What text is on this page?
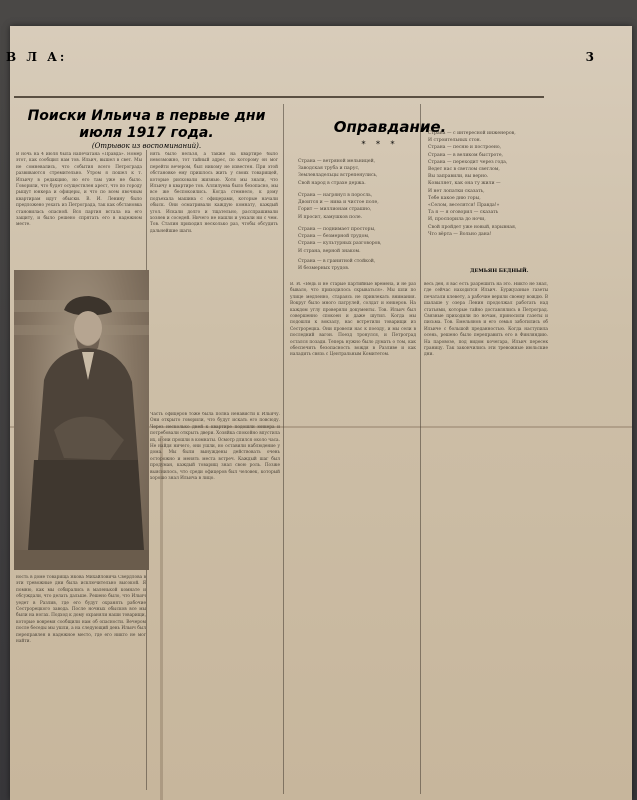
В Л А:	3
Поиски Ильича в первые дни июля 1917 года.
(Отрывок из воспоминаний).
В ночь на 4 июля была напечатана «Правда». Номер этот, как сообщил нам тов. Ильич, вышел в свет. Мы не сомневались, что события всего Петрограда развиваются стремительно. Утром я пошел к т. Ильичу в редакцию, но его там уже не было. Говорили, что будет осуществлен арест, что по городу рыщут юнкера и офицеры, и что по всем явочным квартирам идут обыски. В. И. Ленину было предложено уехать из Петрограда, так как обстановка становилась опасной. Вся партия встала на его защиту, и было решено спрятать его в надежном месте.
нять было нельзя, а также на квартире было невозможно, тот тайный адрес, по которому он мог перейти вечером, был никому не известен. При этой обстановке ему пришлось жить у своих товарищей, которые рисковали жизнью. Хотя мы знали, что Ильичу в квартире тов. Аллилуева было безопасно, мы все же беспокоились. Когда стемнело, к дому подъехала машина с офицерами, которые начали обыск. Они осматривали каждую комнату, каждый угол. Искали долго и тщательно, расспрашивали хозяев и соседей. Ничего не нашли и уехали ни с чем. Тов. Сталин приходил несколько раз, чтобы обсудить дальнейшие шаги.
ность в доме товарища Якова Михайловича Свердлова в эти тревожные дни была исключительно высокой. Я помню, как мы собирались в маленькой комнате и обсуждали, что делать дальше. Решено было, что Ильич уедет в Разлив, где его будут охранять рабочие Сестрорецкого завода. После ночных обысков все мы были на ногах. Подход к дому охраняли наши товарищи, которые вовремя сообщили нам об опасности. Вечером после беседы мы ушли, а на следующий день Ильич был переправлен в надежное место, где его никто не мог найти.
Часть офицеров тоже была полна ненависти к Ильичу. Они открыто говорили, что будут искать его повсюду. Через несколько дней к квартире подошли юнкера и потребовали открыть двери. Хозяйка спокойно впустила их, и они прошли в комнаты. Осмотр длился около часа. Не найдя ничего, они ушли, но оставили наблюдение у дома. Мы были вынуждены действовать очень осторожно и менять места встреч. Каждый шаг был продуман, каждый товарищ знал свою роль. Позже выяснилось, что среди офицеров был человек, который хорошо знал Ильича в лицо.
В. И. «Ведь и не старые партийные времена, и не раз бывало, что приходилось скрываться». Мы шли по улице медленно, стараясь не привлекать внимания. Вокруг было много патрулей, солдат и юнкеров. На каждом углу проверяли документы. Тов. Ильич был совершенно спокоен и даже шутил. Когда мы подошли к вокзалу, нас встретили товарищи из Сестрорецка. Они провели нас к поезду, и мы сели в последний вагон. Поезд тронулся, и Петроград остался позади. Теперь нужно было думать о том, как обеспечить безопасность вождя в Разливе и как наладить связь с Центральным Комитетом.
весь ден, я вас есть разрешить на это. Никто не знал, где сейчас находится Ильич. Буржуазные газеты печатали клевету, а рабочие верили своему вождю. В шалаше у озера Ленин продолжал работать над статьями, которые тайно доставлялись в Петроград. Связные приходили по ночам, приносили газеты и письма. Тов. Емельянов и его семья заботились об Ильиче с большой преданностью. Когда наступила осень, решено было переправить его в Финляндию. На паровозе, под видом кочегара, Ильич пересек границу. Так закончились эти тревожные июльские дни.
Оправдание.
* * *
Страна — ветряной мельницей,
Заводская труба и парус,
Землевладельцы встрепенулись,
Свой народ в страхе держа.
Страна — нагрянул в поросль,
Двоится и — нива и чистое поле,
Горит — миллионам страшно,
И просит, камушков поле.
Страна — поднимает просторы,
Страна — безмерной трудом,
Страна — культурных разговоров,
И страна, верной знаком.
Страна — в гранитной стойкой,
И безмерных трудов.
Страна — с интересной инженеров,
И строительных стон.
Страна — песню и построено,
Страна — в великом быстроте,
Страна — переходит через года,
Ведет нас в светлом светлом,
Вы заправили, вы верно.
Ковыляет, как она ту жили —
И нет лопатки сказать,
Тебе какое дню горы,
«Селом, веселятся! Правда!»
Та я — я оговорил — сказать
И, проспорила до ночи,
Свой пройдет уже новый, взрывная,
Что вёрта — Вольно дана!
ДЕМЬЯН БЕДНЫЙ.
